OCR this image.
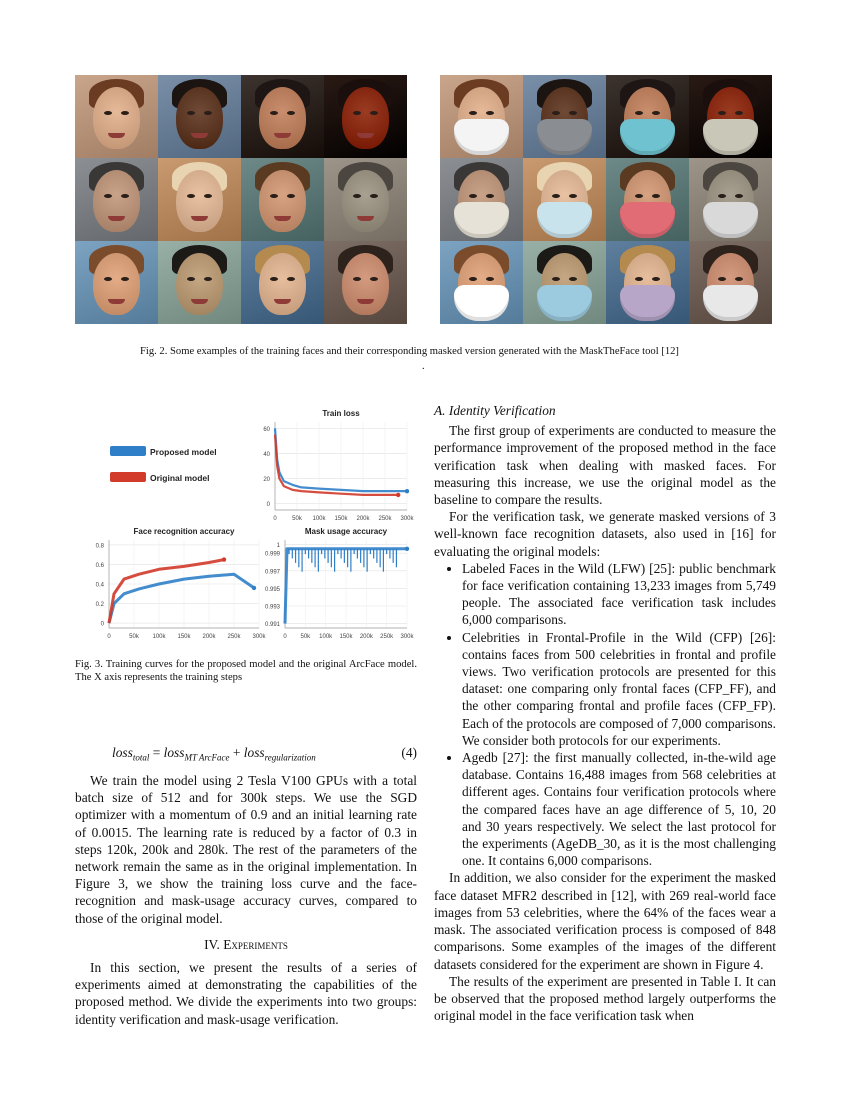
Fig. 2. Some examples of the training faces and their corresponding masked version generated with the MaskTheFace tool [12]
.
Proposed model
Original model
Train loss
0
20
40
60
0	50k 100k 150k 200k 250k 300k
Face recognition accuracy
0
0.2
0.4
0.6
0.8
0	50k 100k 150k 200k 250k 300k
Mask usage accuracy
0.991
0.993
0.995
0.997
0.999
1
0 50k 100k 150k 200k 250k 300k
Fig. 3. Training curves for the proposed model and the original ArcFace model. The X axis represents the training steps
loss$_{total}$ = loss$_{MT ArcFace}$ + loss$_{regularization}$	(4)

We train the model using 2 Tesla V100 GPUs with a total batch size of 512 and for 300k steps. We use the SGD optimizer with a momentum of 0.9 and an initial learning rate of 0.0015. The learning rate is reduced by a factor of 0.3 in steps 120k, 200k and 280k. The rest of the parameters of the network remain the same as in the original implementation. In Figure 3, we show the training loss curve and the face-recognition and mask-usage accuracy curves, compared to those of the original model.

IV. Experiments

In this section, we present the results of a series of experiments aimed at demonstrating the capabilities of the proposed method. We divide the experiments into two groups: identity verification and mask-usage verification.

A. Identity Verification

The first group of experiments are conducted to measure the performance improvement of the proposed method in the face verification task when dealing with masked faces. For measuring this increase, we use the original model as the baseline to compare the results.

For the verification task, we generate masked versions of 3 well-known face recognition datasets, also used in [16] for evaluating the original models:

• Labeled Faces in the Wild (LFW) [25]: public benchmark for face verification containing 13,233 images from 5,749 people. The associated face verification task includes 6,000 comparisons.
• Celebrities in Frontal-Profile in the Wild (CFP) [26]: contains faces from 500 celebrities in frontal and profile views. Two verification protocols are presented for this dataset: one comparing only frontal faces (CFP_FF), and the other comparing frontal and profile faces (CFP_FP). Each of the protocols are composed of 7,000 comparisons. We consider both protocols for our experiments.
• Agedb [27]: the first manually collected, in-the-wild age database. Contains 16,488 images from 568 celebrities at different ages. Contains four verification protocols where the compared faces have an age difference of 5, 10, 20 and 30 years respectively. We select the last protocol for the experiments (AgeDB_30, as it is the most challenging one. It contains 6,000 comparisons.

In addition, we also consider for the experiment the masked face dataset MFR2 described in [12], with 269 real-world face images from 53 celebrities, where the 64% of the faces wear a mask. The associated verification process is composed of 848 comparisons. Some examples of the images of the different datasets considered for the experiment are shown in Figure 4.

The results of the experiment are presented in Table I. It can be observed that the proposed method largely outperforms the original model in the face verification task when
